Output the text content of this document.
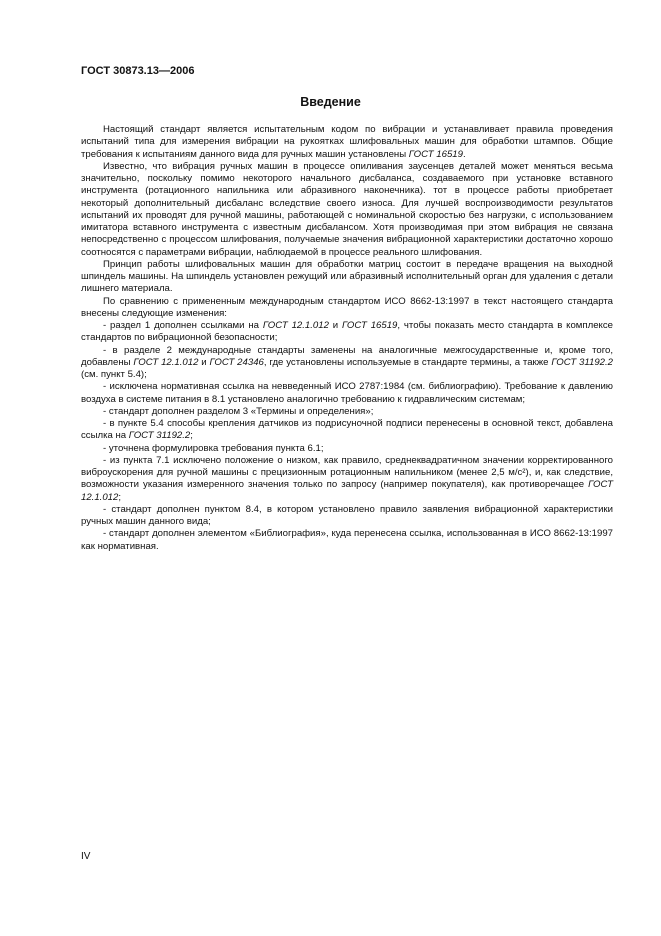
ГОСТ 30873.13—2006
Введение

Настоящий стандарт является испытательным кодом по вибрации и устанавливает правила проведения испытаний типа для измерения вибрации на рукоятках шлифовальных машин для обработки штампов. Общие требования к испытаниям данного вида для ручных машин установлены ГОСТ 16519.

Известно, что вибрация ручных машин в процессе опиливания заусенцев деталей может меняться весьма значительно, поскольку помимо некоторого начального дисбаланса, создаваемого при установке вставного инструмента (ротационного напильника или абразивного наконечника). тот в процессе работы приобретает некоторый дополнительный дисбаланс вследствие своего износа. Для лучшей воспроизводимости результатов испытаний их проводят для ручной машины, работающей с номинальной скоростью без нагрузки, с использованием имитатора вставного инструмента с известным дисбалансом. Хотя производимая при этом вибрация не связана непосредственно с процессом шлифования, получаемые значения вибрационной характеристики достаточно хорошо соотносятся с параметрами вибрации, наблюдаемой в процессе реального шлифования.

Принцип работы шлифовальных машин для обработки матриц состоит в передаче вращения на выходной шпиндель машины. На шпиндель установлен режущий или абразивный исполнительный орган для удаления с детали лишнего материала.

По сравнению с примененным международным стандартом ИСО 8662-13:1997 в текст настоящего стандарта внесены следующие изменения:

- раздел 1 дополнен ссылками на ГОСТ 12.1.012 и ГОСТ 16519, чтобы показать место стандарта в комплексе стандартов по вибрационной безопасности;

- в разделе 2 международные стандарты заменены на аналогичные межгосударственные и, кроме того, добавлены ГОСТ 12.1.012 и ГОСТ 24346, где установлены используемые в стандарте термины, а также ГОСТ 31192.2 (см. пункт 5.4);

- исключена нормативная ссылка на невведенный ИСО 2787:1984 (см. библиографию). Требование к давлению воздуха в системе питания в 8.1 установлено аналогично требованию к гидравлическим системам;

- стандарт дополнен разделом 3 «Термины и определения»;

- в пункте 5.4 способы крепления датчиков из подрисуночной подписи перенесены в основной текст, добавлена ссылка на ГОСТ 31192.2;

- уточнена формулировка требования пункта 6.1;

- из пункта 7.1 исключено положение о низком, как правило, среднеквадратичном значении корректированного виброускорения для ручной машины с прецизионным ротационным напильником (менее 2,5 м/с²), и, как следствие, возможности указания измеренного значения только по запросу (например покупателя), как противоречащее ГОСТ 12.1.012;

- стандарт дополнен пунктом 8.4, в котором установлено правило заявления вибрационной характеристики ручных машин данного вида;

- стандарт дополнен элементом «Библиография», куда перенесена ссылка, использованная в ИСО 8662-13:1997 как нормативная.

IV
